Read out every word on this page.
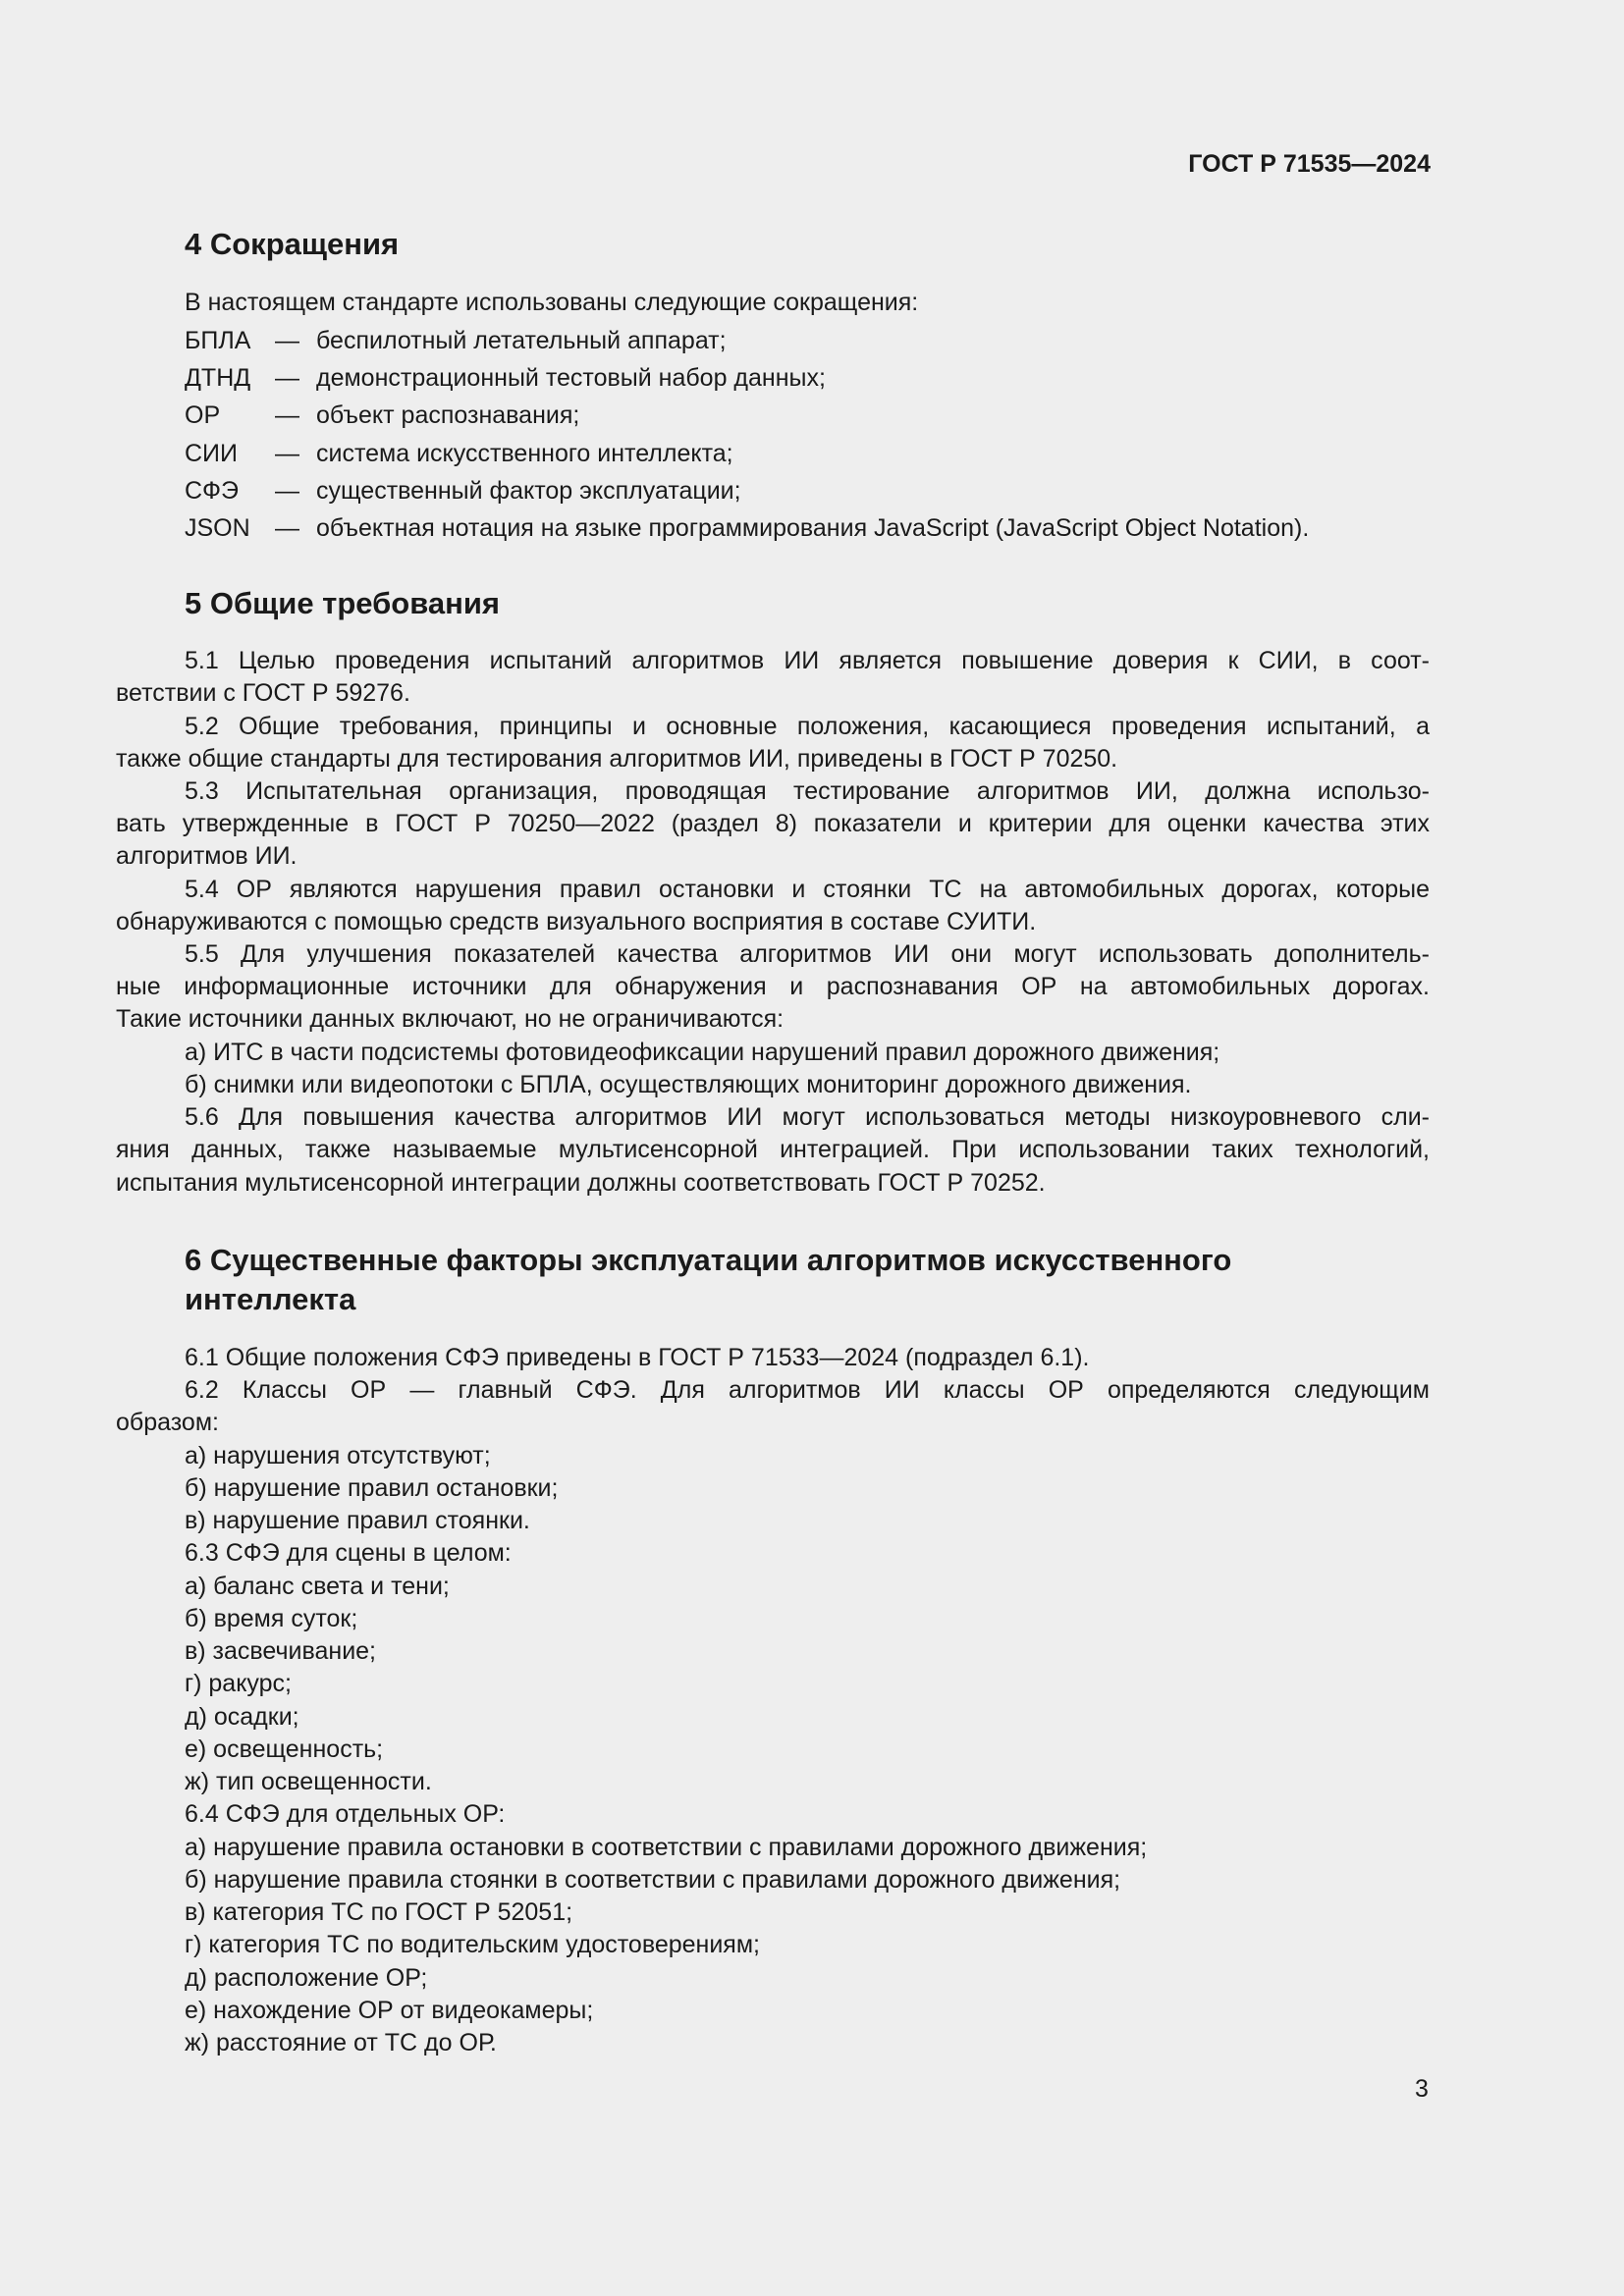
ГОСТ Р 71535—2024
4 Сокращения
В настоящем стандарте использованы следующие сокращения:
БПЛА — беспилотный летательный аппарат;
ДТНД — демонстрационный тестовый набор данных;
ОР — объект распознавания;
СИИ — система искусственного интеллекта;
СФЭ — существенный фактор эксплуатации;
JSON — объектная нотация на языке программирования JavaScript (JavaScript Object Notation).
5 Общие требования
5.1 Целью проведения испытаний алгоритмов ИИ является повышение доверия к СИИ, в соот-
ветствии с ГОСТ Р 59276.
5.2 Общие требования, принципы и основные положения, касающиеся проведения испытаний, а
также общие стандарты для тестирования алгоритмов ИИ, приведены в ГОСТ Р 70250.
5.3 Испытательная организация, проводящая тестирование алгоритмов ИИ, должна использо-
вать утвержденные в ГОСТ Р 70250—2022 (раздел 8) показатели и критерии для оценки качества этих
алгоритмов ИИ.
5.4 ОР являются нарушения правил остановки и стоянки ТС на автомобильных дорогах, которые
обнаруживаются с помощью средств визуального восприятия в составе СУИТИ.
5.5 Для улучшения показателей качества алгоритмов ИИ они могут использовать дополнитель-
ные информационные источники для обнаружения и распознавания ОР на автомобильных дорогах.
Такие источники данных включают, но не ограничиваются:
а) ИТС в части подсистемы фотовидеофиксации нарушений правил дорожного движения;
б) снимки или видеопотоки с БПЛА, осуществляющих мониторинг дорожного движения.
5.6 Для повышения качества алгоритмов ИИ могут использоваться методы низкоуровневого сли-
яния данных, также называемые мультисенсорной интеграцией. При использовании таких технологий,
испытания мультисенсорной интеграции должны соответствовать ГОСТ Р 70252.
6 Существенные факторы эксплуатации алгоритмов искусственного
интеллекта
6.1 Общие положения СФЭ приведены в ГОСТ Р 71533—2024 (подраздел 6.1).
6.2 Классы ОР — главный СФЭ. Для алгоритмов ИИ классы ОР определяются следующим
образом:
а) нарушения отсутствуют;
б) нарушение правил остановки;
в) нарушение правил стоянки.
6.3 СФЭ для сцены в целом:
а) баланс света и тени;
б) время суток;
в) засвечивание;
г) ракурс;
д) осадки;
е) освещенность;
ж) тип освещенности.
6.4 СФЭ для отдельных ОР:
а) нарушение правила остановки в соответствии с правилами дорожного движения;
б) нарушение правила стоянки в соответствии с правилами дорожного движения;
в) категория ТС по ГОСТ Р 52051;
г) категория ТС по водительским удостоверениям;
д) расположение ОР;
е) нахождение ОР от видеокамеры;
ж) расстояние от ТС до ОР.
3
